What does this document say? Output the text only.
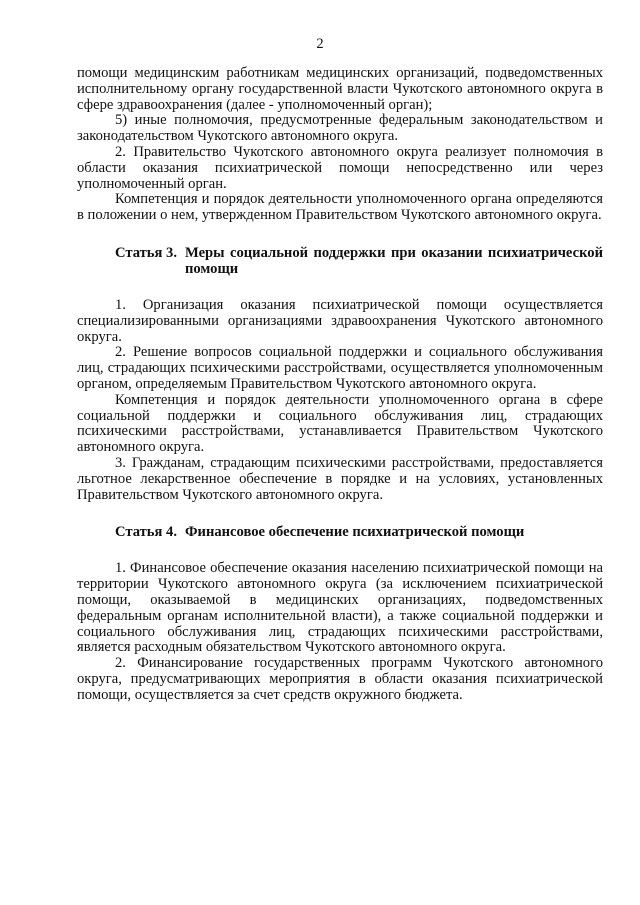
2

помощи медицинским работникам медицинских организаций, подведомственных исполнительному органу государственной власти Чукотского автономного округа в сфере здравоохранения (далее - уполномоченный орган);

5) иные полномочия, предусмотренные федеральным законодательством и законодательством Чукотского автономного округа.

2. Правительство Чукотского автономного округа реализует полномочия в области оказания психиатрической помощи непосредственно или через уполномоченный орган.

Компетенция и порядок деятельности уполномоченного органа определяются в положении о нем, утвержденном Правительством Чукотского автономного округа.

Статья 3. Меры социальной поддержки при оказании психиатрической помощи

1. Организация оказания психиатрической помощи осуществляется специализированными организациями здравоохранения Чукотского автономного округа.

2. Решение вопросов социальной поддержки и социального обслуживания лиц, страдающих психическими расстройствами, осуществляется уполномоченным органом, определяемым Правительством Чукотского автономного округа.

Компетенция и порядок деятельности уполномоченного органа в сфере социальной поддержки и социального обслуживания лиц, страдающих психическими расстройствами, устанавливается Правительством Чукотского автономного округа.

3. Гражданам, страдающим психическими расстройствами, предоставляется льготное лекарственное обеспечение в порядке и на условиях, установленных Правительством Чукотского автономного округа.

Статья 4. Финансовое обеспечение психиатрической помощи

1. Финансовое обеспечение оказания населению психиатрической помощи на территории Чукотского автономного округа (за исключением психиатрической помощи, оказываемой в медицинских организациях, подведомственных федеральным органам исполнительной власти), а также социальной поддержки и социального обслуживания лиц, страдающих психическими расстройствами, является расходным обязательством Чукотского автономного округа.

2. Финансирование государственных программ Чукотского автономного округа, предусматривающих мероприятия в области оказания психиатрической помощи, осуществляется за счет средств окружного бюджета.
